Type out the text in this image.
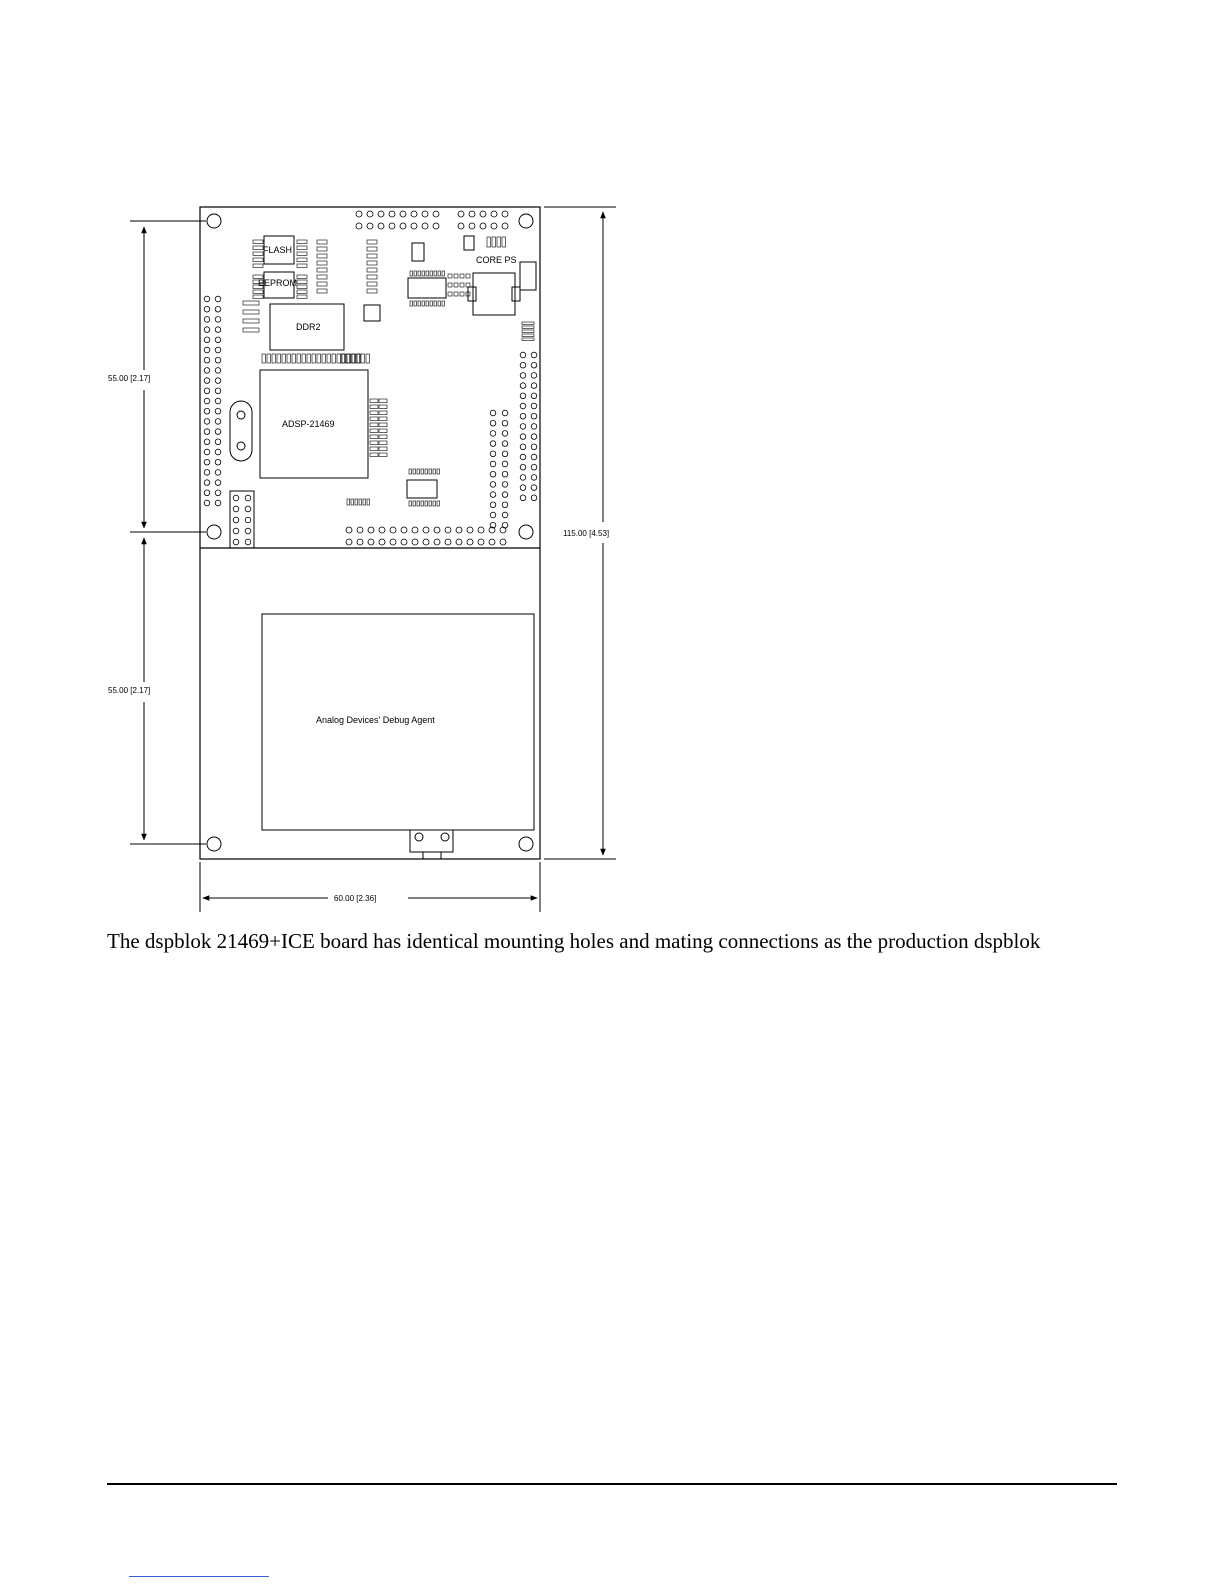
FLASH
EEPROM
CORE PS
DDR2
ADSP-21469
Analog Devices' Debug Agent
55.00 [2.17]
55.00 [2.17]
115.00 [4.53]
60.00 [2.36]

The dspblok 21469+ICE board has identical mounting holes and mating connections as the production dspblok
